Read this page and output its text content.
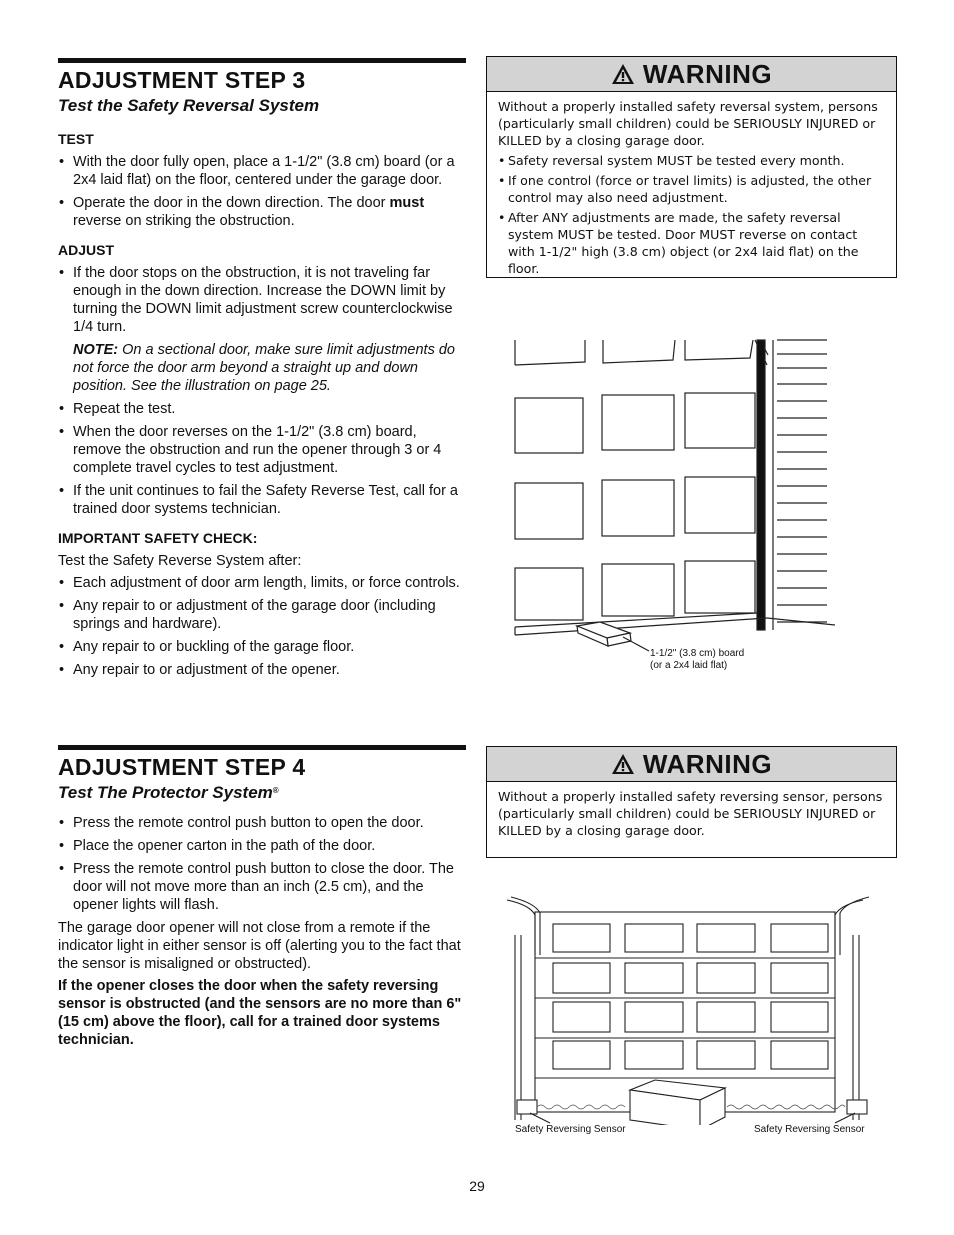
ADJUSTMENT STEP 3
Test the Safety Reversal System
TEST
• With the door fully open, place a 1-1/2" (3.8 cm) board (or a 2x4 laid flat) on the floor, centered under the garage door.
• Operate the door in the down direction. The door must reverse on striking the obstruction.
ADJUST
• If the door stops on the obstruction, it is not traveling far enough in the down direction. Increase the DOWN limit by turning the DOWN limit adjustment screw counterclockwise 1/4 turn.
NOTE: On a sectional door, make sure limit adjustments do not force the door arm beyond a straight up and down position. See the illustration on page 25.
• Repeat the test.
• When the door reverses on the 1-1/2" (3.8 cm) board, remove the obstruction and run the opener through 3 or 4 complete travel cycles to test adjustment.
• If the unit continues to fail the Safety Reverse Test, call for a trained door systems technician.
IMPORTANT SAFETY CHECK:

Test the Safety Reverse System after:

• Each adjustment of door arm length, limits, or force controls.
• Any repair to or adjustment of the garage door (including springs and hardware).
• Any repair to or buckling of the garage floor.
• Any repair to or adjustment of the opener.
ADJUSTMENT STEP 4
Test The Protector System®
• Press the remote control push button to open the door.
• Place the opener carton in the path of the door.
• Press the remote control push button to close the door. The door will not move more than an inch (2.5 cm), and the opener lights will flash.

The garage door opener will not close from a remote if the indicator light in either sensor is off (alerting you to the fact that the sensor is misaligned or obstructed).

If the opener closes the door when the safety reversing sensor is obstructed (and the sensors are no more than 6" (15 cm) above the floor), call for a trained door systems technician.

WARNING

Without a properly installed safety reversal system, persons (particularly small children) could be SERIOUSLY INJURED or KILLED by a closing garage door.

• Safety reversal system MUST be tested every month.
• If one control (force or travel limits) is adjusted, the other control may also need adjustment.
• After ANY adjustments are made, the safety reversal system MUST be tested. Door MUST reverse on contact with 1-1/2" high (3.8 cm) object (or 2x4 laid flat) on the floor.
1-1/2" (3.8 cm) board
(or a 2x4 laid flat)
WARNING

Without a properly installed safety reversing sensor, persons (particularly small children) could be SERIOUSLY INJURED or KILLED by a closing garage door.

Safety Reversing Sensor	Safety Reversing Sensor
29
